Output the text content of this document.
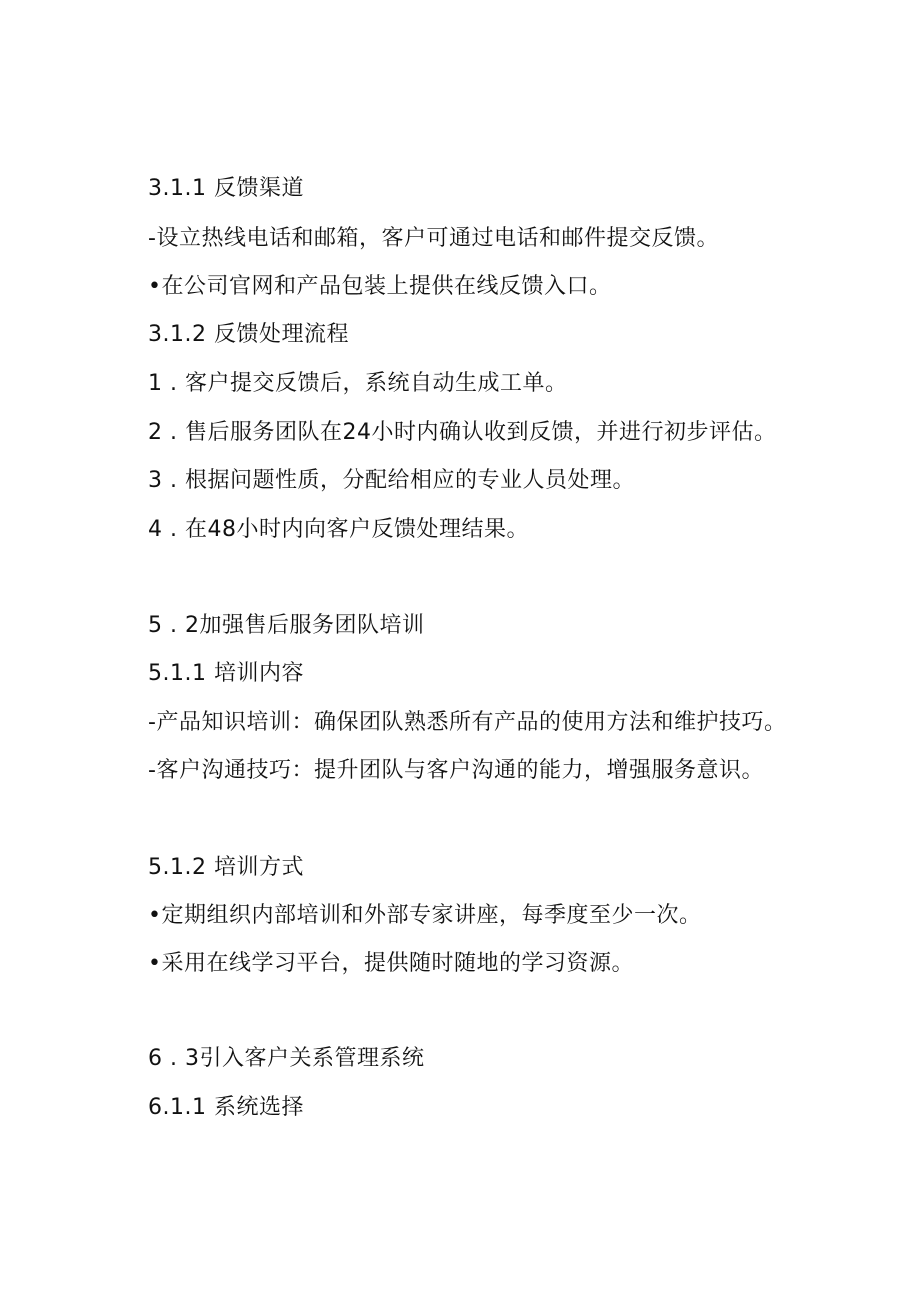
3.1.1 反馈渠道
-设立热线电话和邮箱，客户可通过电话和邮件提交反馈。
•在公司官网和产品包装上提供在线反馈入口。
3.1.2 反馈处理流程
1 . 客户提交反馈后，系统自动生成工单。
2 . 售后服务团队在24小时内确认收到反馈，并进行初步评估。
3 . 根据问题性质，分配给相应的专业人员处理。
4 . 在48小时内向客户反馈处理结果。
5 . 2加强售后服务团队培训
5.1.1 培训内容
-产品知识培训：确保团队熟悉所有产品的使用方法和维护技巧。
-客户沟通技巧：提升团队与客户沟通的能力，增强服务意识。
5.1.2 培训方式
•定期组织内部培训和外部专家讲座，每季度至少一次。
•采用在线学习平台，提供随时随地的学习资源。
6 . 3引入客户关系管理系统
6.1.1 系统选择
